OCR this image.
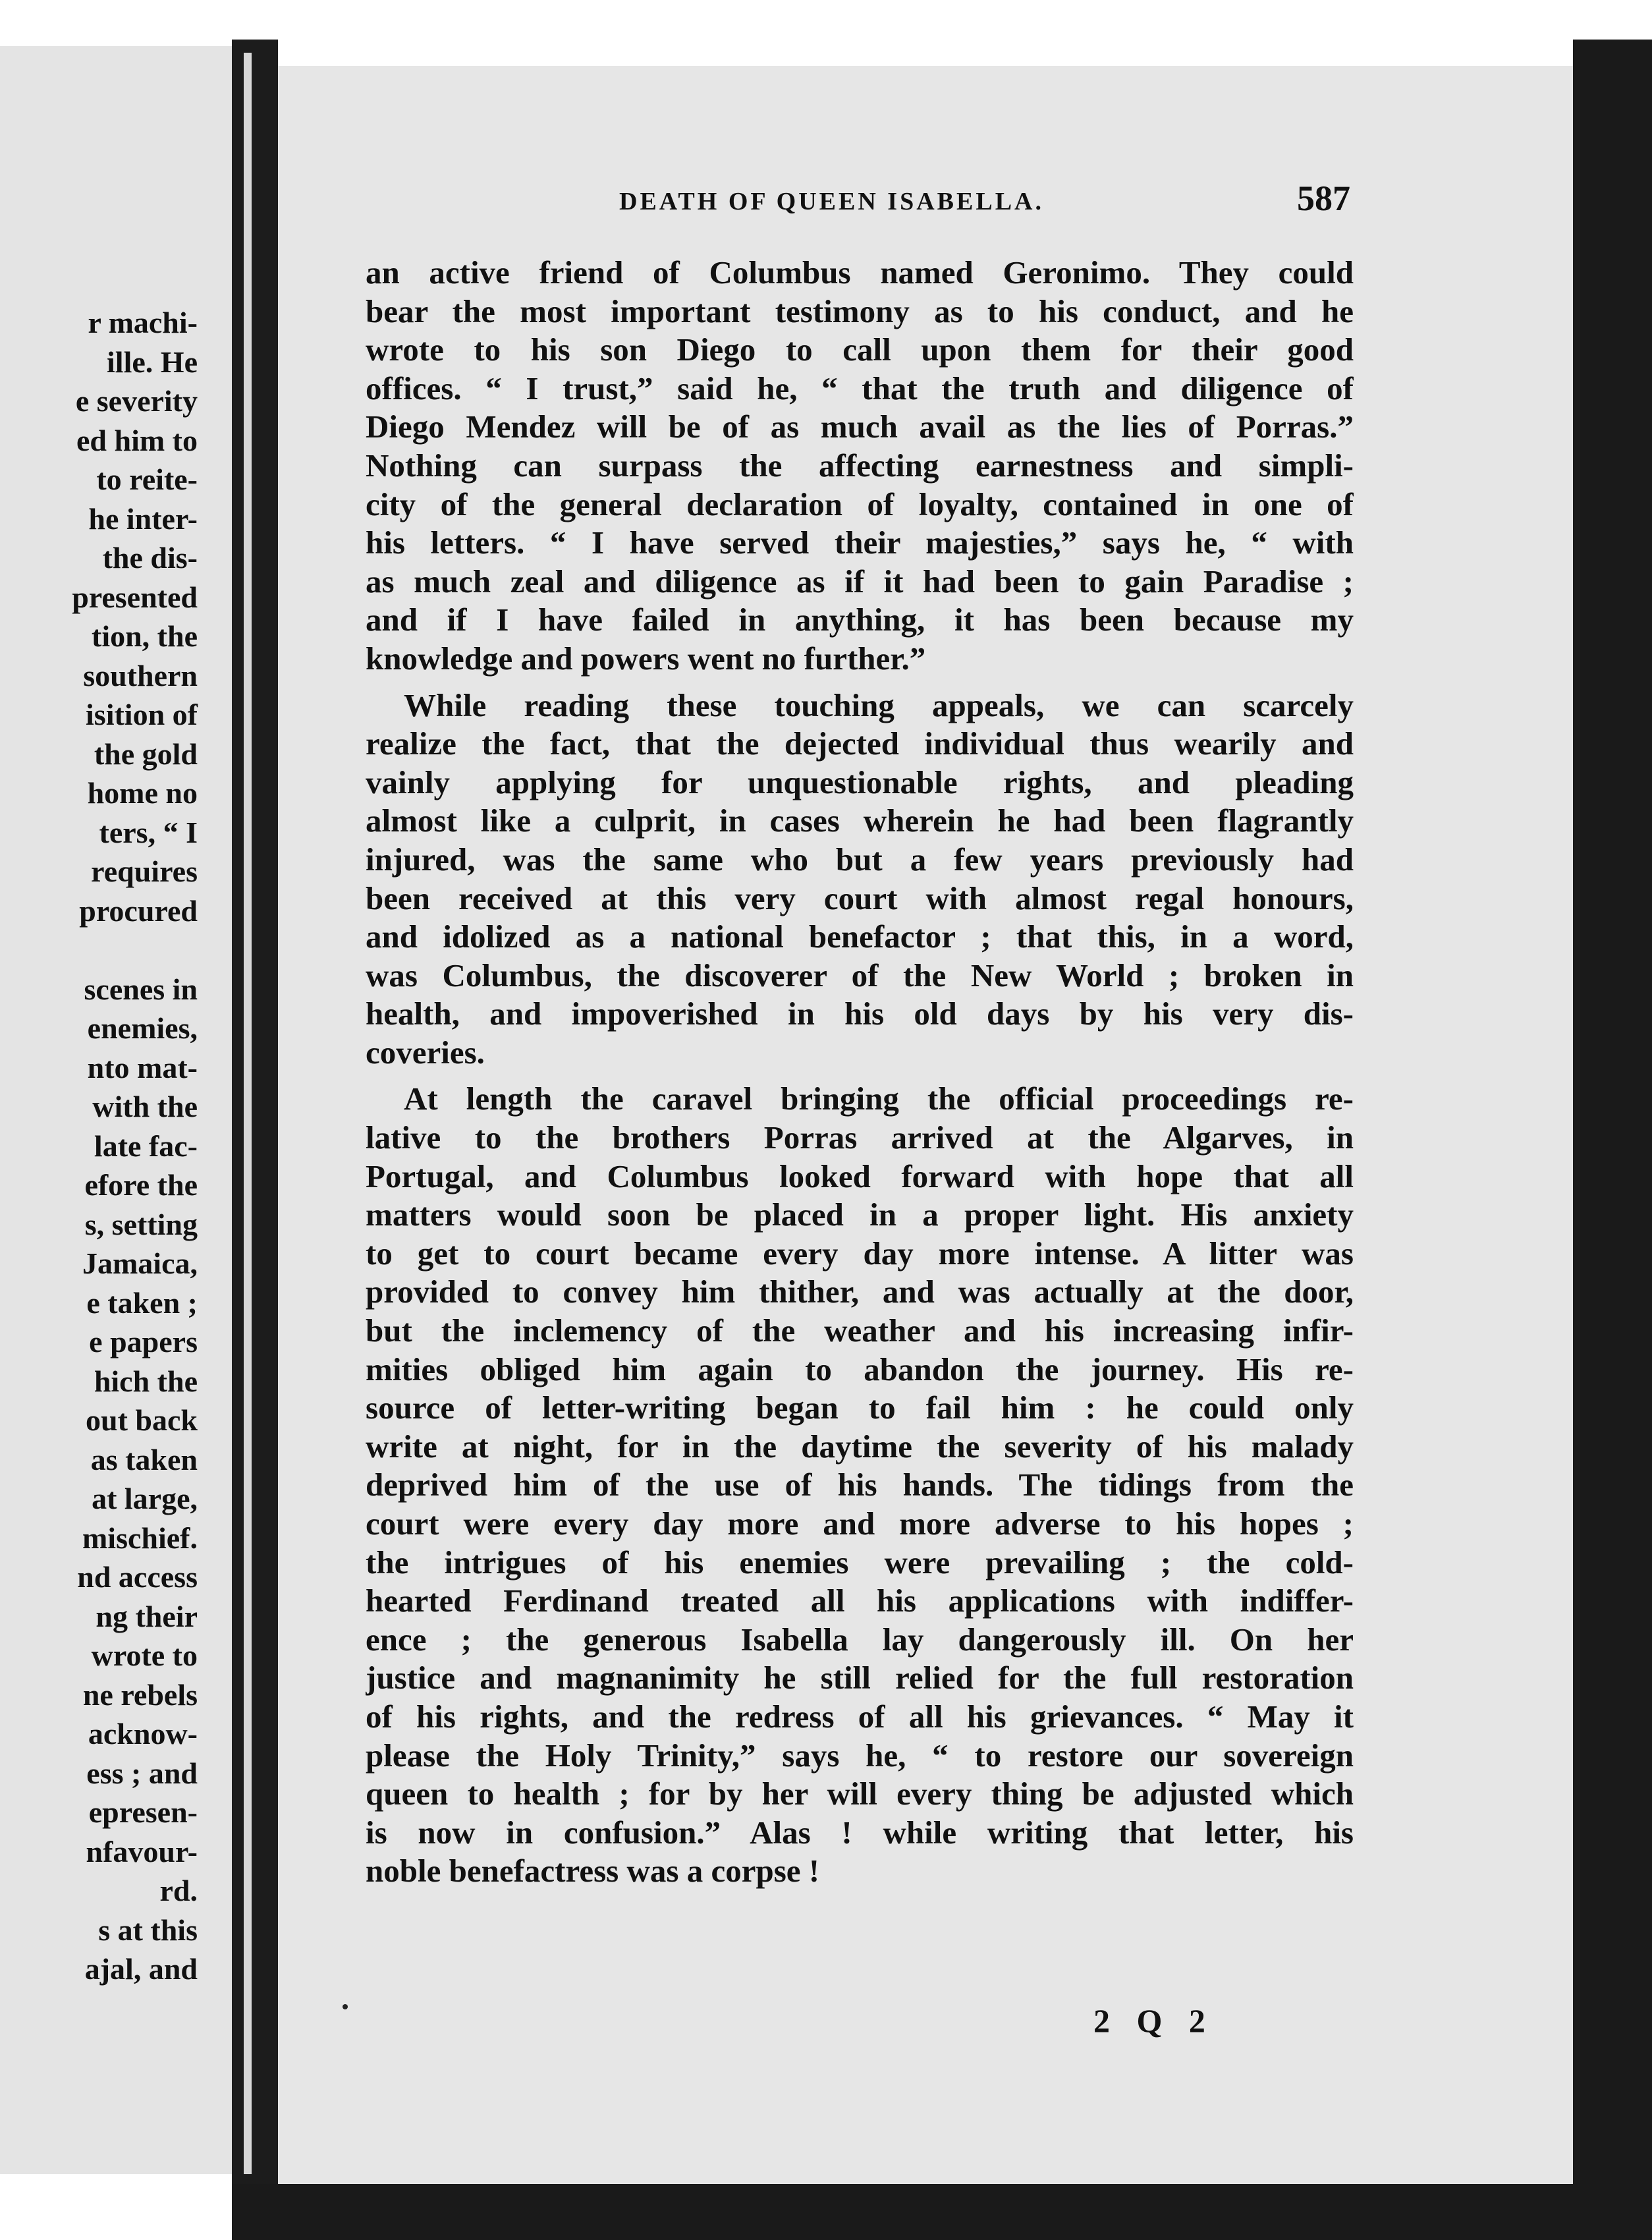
r machi-
ille. He
e severity
ed him to
to reite-
he inter-
the dis-
presented
tion, the
southern
isition of
the gold
home no
ters, “ I
requires
procured
scenes in
enemies,
nto mat-
with the
late fac-
efore the
s, setting
Jamaica,
e taken ;
e papers
hich the
out back
as taken
at large,
mischief.
nd access
ng their
wrote to
ne rebels
acknow-
ess ; and
epresen-
nfavour-
rd.
s at this
ajal, and
DEATH OF QUEEN ISABELLA.	587
an active friend of Columbus named Geronimo. They could
bear the most important testimony as to his conduct, and he
wrote to his son Diego to call upon them for their good
offices. “ I trust,” said he, “ that the truth and diligence of
Diego Mendez will be of as much avail as the lies of Porras.”
Nothing can surpass the affecting earnestness and simpli-
city of the general declaration of loyalty, contained in one of
his letters. “ I have served their majesties,” says he, “ with
as much zeal and diligence as if it had been to gain Paradise ;
and if I have failed in anything, it has been because my
knowledge and powers went no further.”
While reading these touching appeals, we can scarcely
realize the fact, that the dejected individual thus wearily and
vainly applying for unquestionable rights, and pleading
almost like a culprit, in cases wherein he had been flagrantly
injured, was the same who but a few years previously had
been received at this very court with almost regal honours,
and idolized as a national benefactor ; that this, in a word,
was Columbus, the discoverer of the New World ; broken in
health, and impoverished in his old days by his very dis-
coveries.
At length the caravel bringing the official proceedings re-
lative to the brothers Porras arrived at the Algarves, in
Portugal, and Columbus looked forward with hope that all
matters would soon be placed in a proper light. His anxiety
to get to court became every day more intense. A litter was
provided to convey him thither, and was actually at the door,
but the inclemency of the weather and his increasing infir-
mities obliged him again to abandon the journey. His re-
source of letter-writing began to fail him : he could only
write at night, for in the daytime the severity of his malady
deprived him of the use of his hands. The tidings from the
court were every day more and more adverse to his hopes ;
the intrigues of his enemies were prevailing ; the cold-
hearted Ferdinand treated all his applications with indiffer-
ence ; the generous Isabella lay dangerously ill. On her
justice and magnanimity he still relied for the full restoration
of his rights, and the redress of all his grievances. “ May it
please the Holy Trinity,” says he, “ to restore our sovereign
queen to health ; for by her will every thing be adjusted which
is now in confusion.” Alas ! while writing that letter, his
noble benefactress was a corpse !
2 Q 2
